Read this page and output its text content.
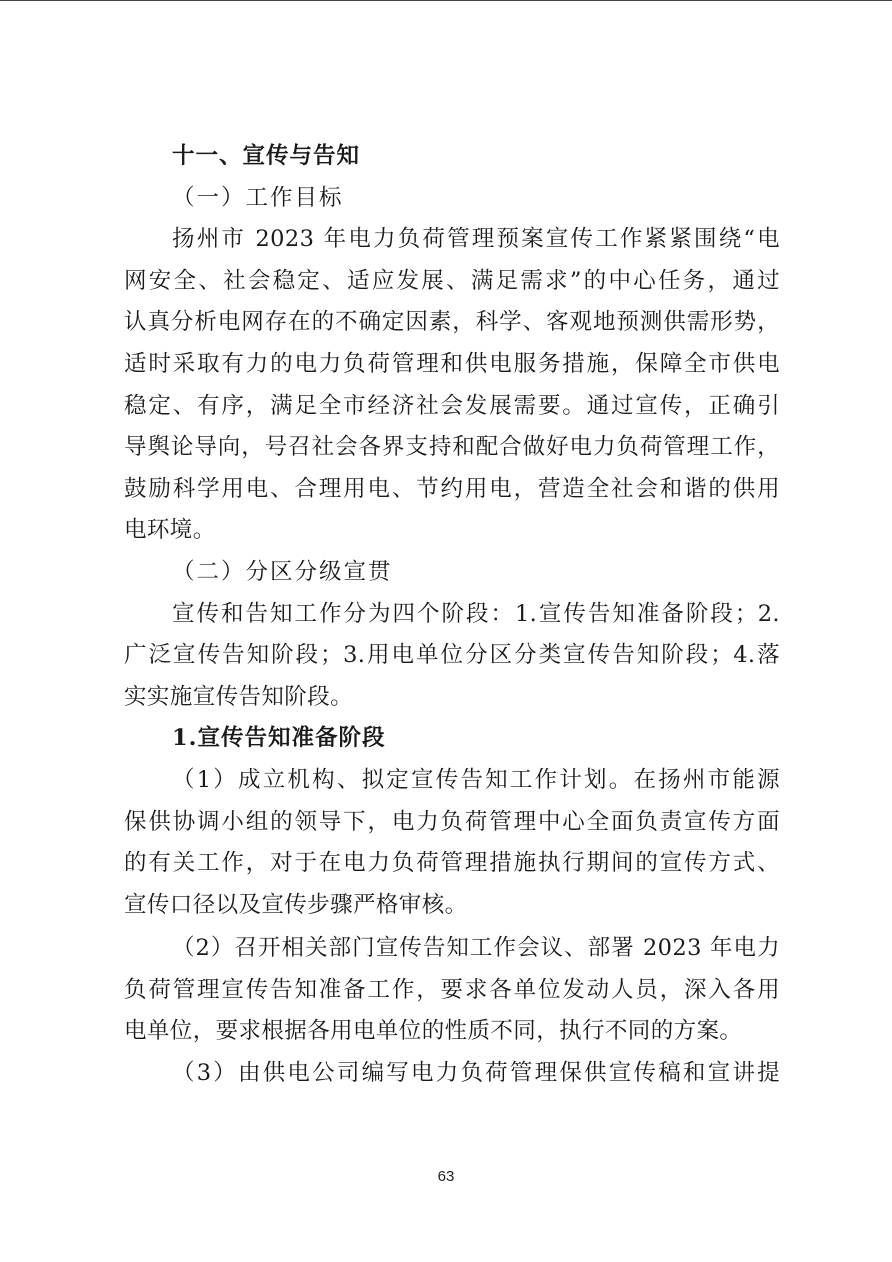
十一、宣传与告知
（一）工作目标
扬州市 2023 年电力负荷管理预案宣传工作紧紧围绕“电
网安全、社会稳定、适应发展、满足需求”的中心任务，通过
认真分析电网存在的不确定因素，科学、客观地预测供需形势，
适时采取有力的电力负荷管理和供电服务措施，保障全市供电
稳定、有序，满足全市经济社会发展需要。通过宣传，正确引
导舆论导向，号召社会各界支持和配合做好电力负荷管理工作，
鼓励科学用电、合理用电、节约用电，营造全社会和谐的供用
电环境。
（二）分区分级宣贯
宣传和告知工作分为四个阶段：1.宣传告知准备阶段；2.
广泛宣传告知阶段；3.用电单位分区分类宣传告知阶段；4.落
实实施宣传告知阶段。
1.宣传告知准备阶段
（1）成立机构、拟定宣传告知工作计划。在扬州市能源
保供协调小组的领导下，电力负荷管理中心全面负责宣传方面
的有关工作，对于在电力负荷管理措施执行期间的宣传方式、
宣传口径以及宣传步骤严格审核。
（2）召开相关部门宣传告知工作会议、部署 2023 年电力
负荷管理宣传告知准备工作，要求各单位发动人员，深入各用
电单位，要求根据各用电单位的性质不同，执行不同的方案。
（3）由供电公司编写电力负荷管理保供宣传稿和宣讲提
63
